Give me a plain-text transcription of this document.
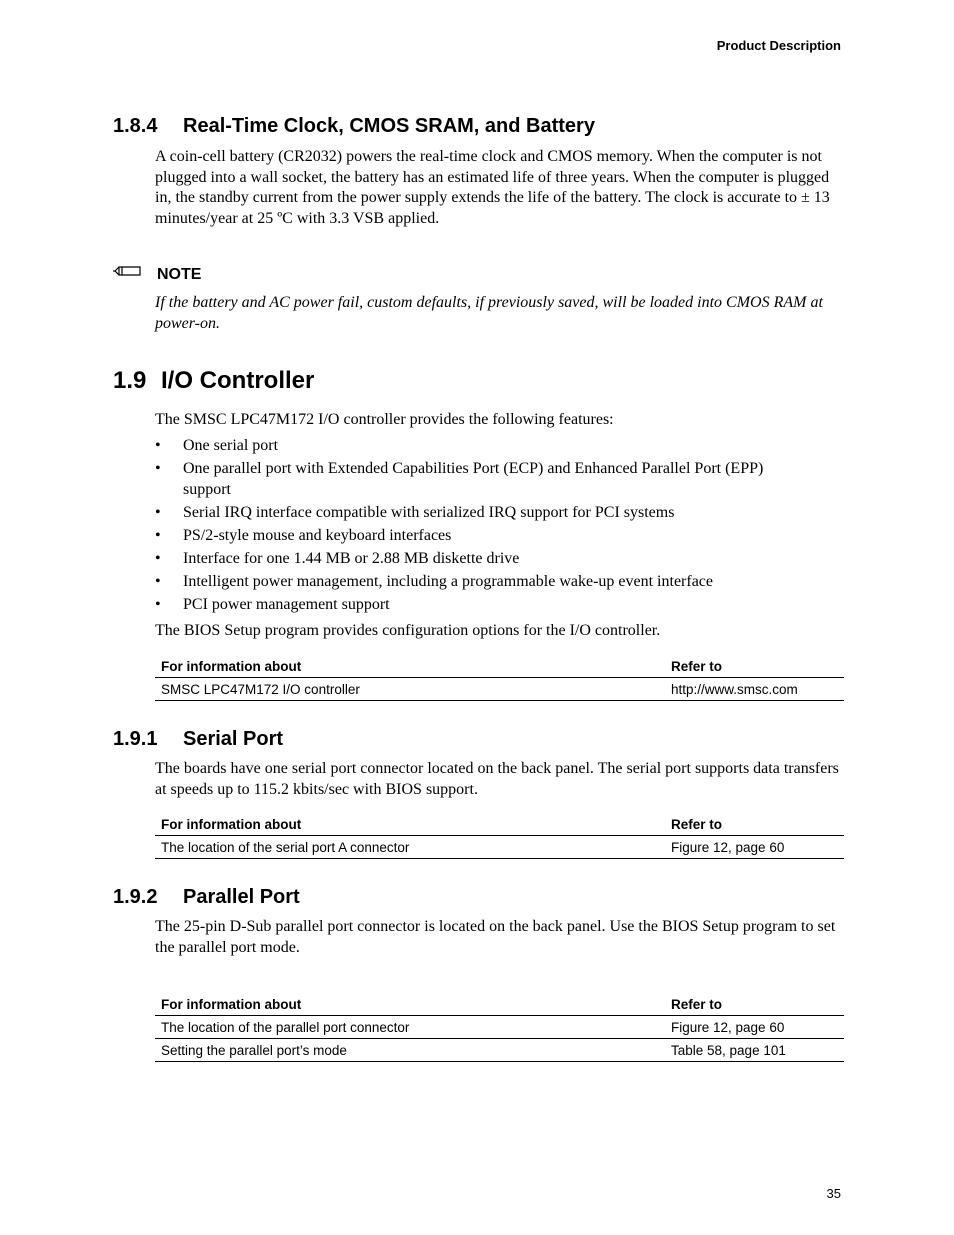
Product Description
1.8.4 Real-Time Clock, CMOS SRAM, and Battery
A coin-cell battery (CR2032) powers the real-time clock and CMOS memory. When the computer is not plugged into a wall socket, the battery has an estimated life of three years. When the computer is plugged in, the standby current from the power supply extends the life of the battery. The clock is accurate to ± 13 minutes/year at 25 ºC with 3.3 VSB applied.
NOTE
If the battery and AC power fail, custom defaults, if previously saved, will be loaded into CMOS RAM at power-on.
1.9 I/O Controller
The SMSC LPC47M172 I/O controller provides the following features:
• One serial port
• One parallel port with Extended Capabilities Port (ECP) and Enhanced Parallel Port (EPP) support
• Serial IRQ interface compatible with serialized IRQ support for PCI systems
• PS/2-style mouse and keyboard interfaces
• Interface for one 1.44 MB or 2.88 MB diskette drive
• Intelligent power management, including a programmable wake-up event interface
• PCI power management support
The BIOS Setup program provides configuration options for the I/O controller.
For information about	Refer to
SMSC LPC47M172 I/O controller	http://www.smsc.com
1.9.1 Serial Port
The boards have one serial port connector located on the back panel. The serial port supports data transfers at speeds up to 115.2 kbits/sec with BIOS support.
For information about	Refer to
The location of the serial port A connector	Figure 12, page 60
1.9.2 Parallel Port
The 25-pin D-Sub parallel port connector is located on the back panel. Use the BIOS Setup program to set the parallel port mode.
For information about	Refer to
The location of the parallel port connector	Figure 12, page 60
Setting the parallel port’s mode	Table 58, page 101
35
